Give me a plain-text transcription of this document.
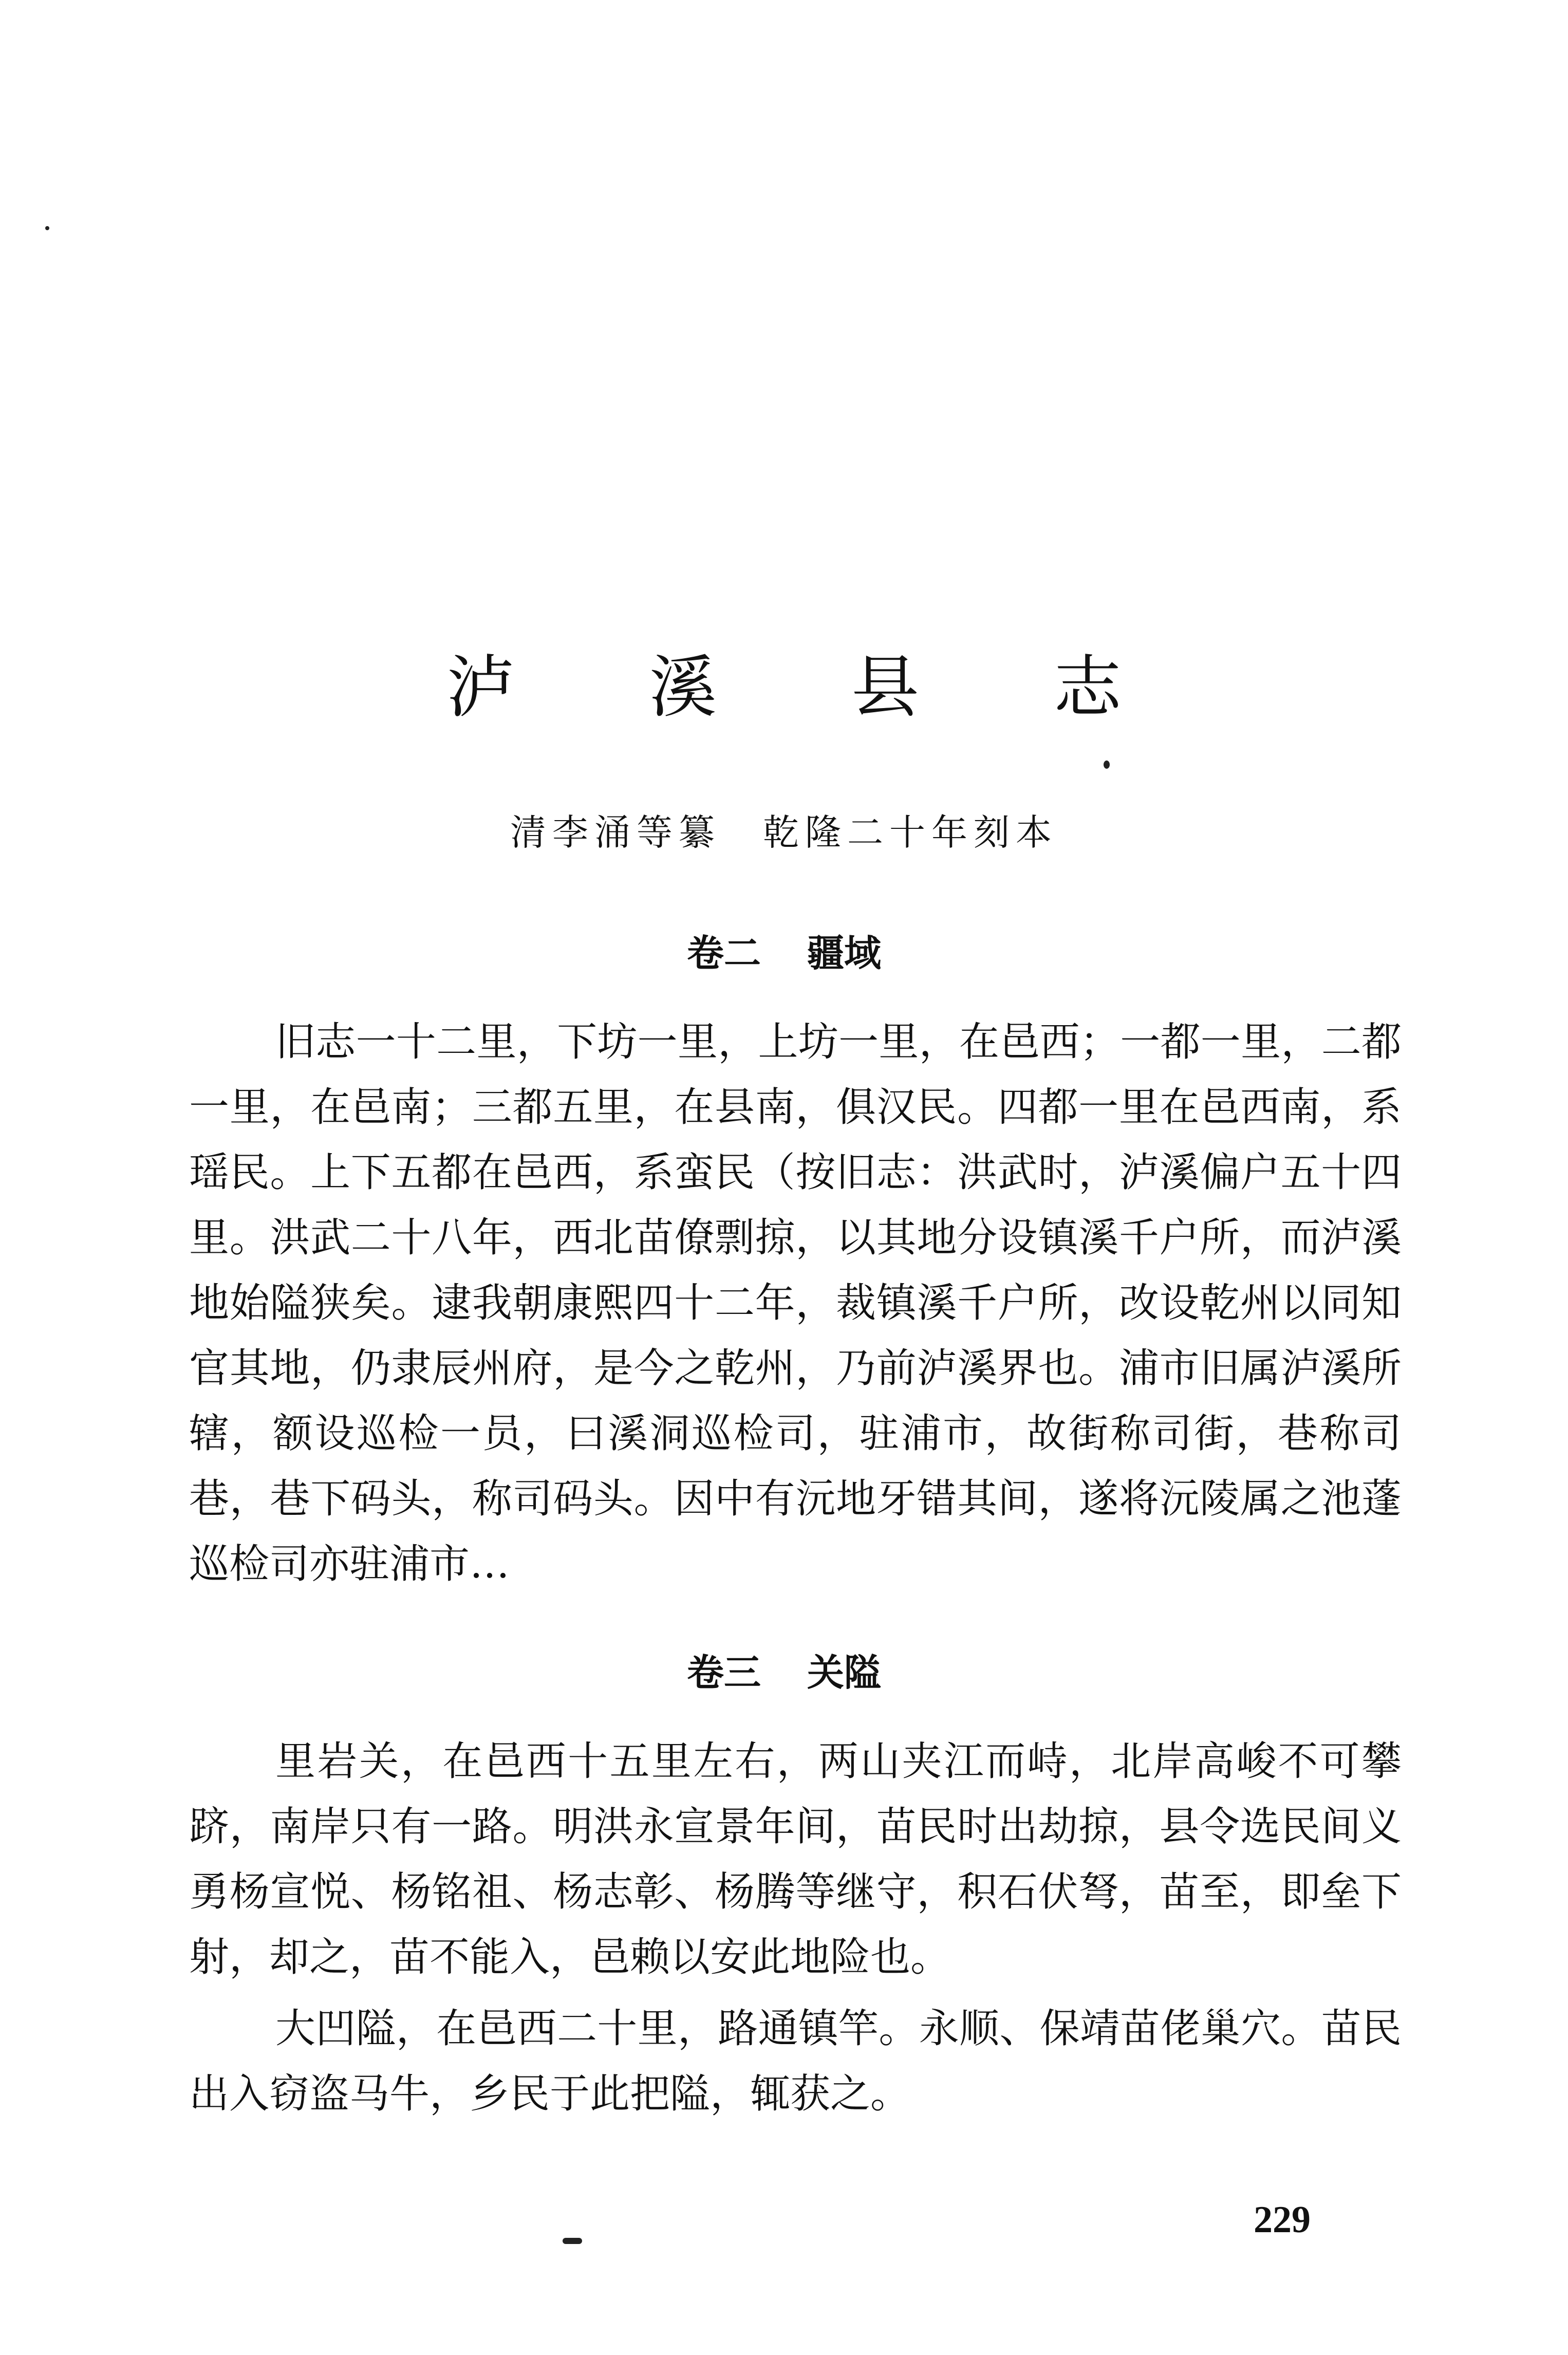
泸 溪 县 志
清李涌等纂　乾隆二十年刻本
卷二 疆域

旧志一十二里，下坊一里，上坊一里，在邑西；一都一里，二都一里，在邑南；三都五里，在县南，俱汉民。四都一里在邑西南，系瑶民。上下五都在邑西，系蛮民（按旧志：洪武时，泸溪偏户五十四里。洪武二十八年，西北苗僚剽掠，以其地分设镇溪千户所，而泸溪地始隘狭矣。逮我朝康熙四十二年，裁镇溪千户所，改设乾州以同知官其地，仍隶辰州府，是今之乾州，乃前泸溪界也。浦市旧属泸溪所辖，额设巡检一员，曰溪洞巡检司，驻浦市，故街称司街，巷称司巷，巷下码头，称司码头。因中有沅地牙错其间，遂将沅陵属之池蓬巡检司亦驻浦市…

卷三 关隘

里岩关，在邑西十五里左右，两山夹江而峙，北岸高峻不可攀跻，南岸只有一路。明洪永宣景年间，苗民时出劫掠，县令选民间义勇杨宣悦、杨铭祖、杨志彰、杨腾等继守，积石伏弩，苗至，即垒下射，却之，苗不能入，邑赖以安此地险也。

大凹隘，在邑西二十里，路通镇竿。永顺、保靖苗佬巢穴。苗民出入窃盗马牛，乡民于此把隘，辄获之。

229
